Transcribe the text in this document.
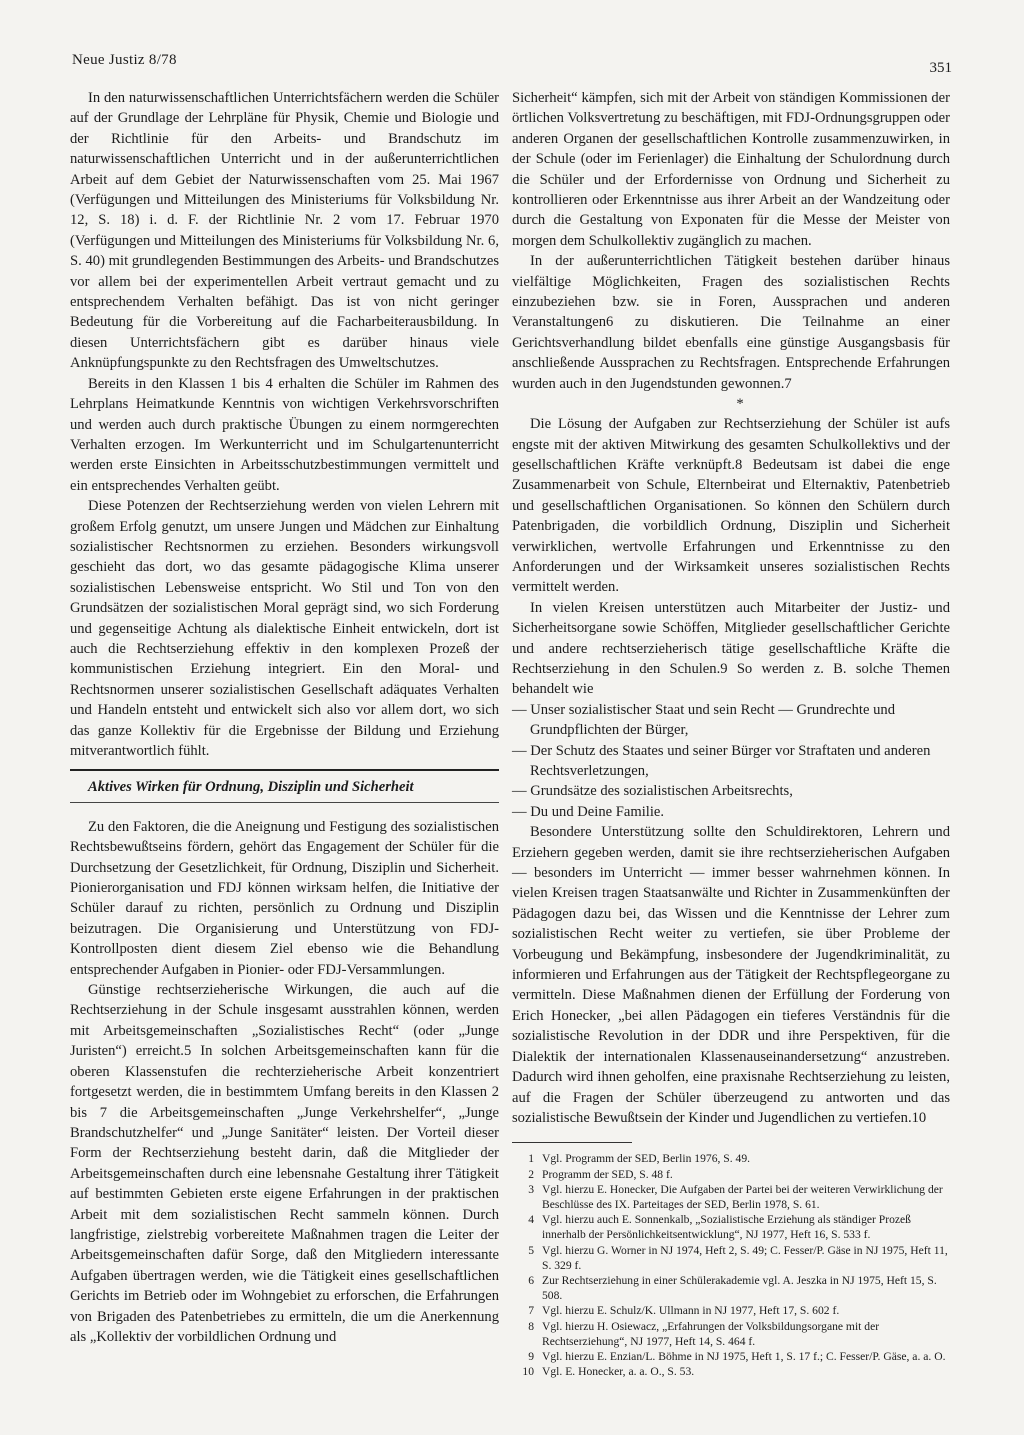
Neue Justiz 8/78	351

In den naturwissenschaftlichen Unterrichtsfächern werden die Schüler auf der Grundlage der Lehrpläne für Physik, Chemie und Biologie und der Richtlinie für den Arbeits- und Brandschutz im naturwissenschaftlichen Unterricht und in der außerunterrichtlichen Arbeit auf dem Gebiet der Naturwissenschaften vom 25. Mai 1967 (Verfügungen und Mitteilungen des Ministeriums für Volksbildung Nr. 12, S. 18) i. d. F. der Richtlinie Nr. 2 vom 17. Februar 1970 (Verfügungen und Mitteilungen des Ministeriums für Volksbildung Nr. 6, S. 40) mit grundlegenden Bestimmungen des Arbeits- und Brandschutzes vor allem bei der experimentellen Arbeit vertraut gemacht und zu entsprechendem Verhalten befähigt. Das ist von nicht geringer Bedeutung für die Vorbereitung auf die Facharbeiterausbildung. In diesen Unterrichtsfächern gibt es darüber hinaus viele Anknüpfungspunkte zu den Rechtsfragen des Umweltschutzes.

Bereits in den Klassen 1 bis 4 erhalten die Schüler im Rahmen des Lehrplans Heimatkunde Kenntnis von wichtigen Verkehrsvorschriften und werden auch durch praktische Übungen zu einem normgerechten Verhalten erzogen. Im Werkunterricht und im Schulgartenunterricht werden erste Einsichten in Arbeitsschutzbestimmungen vermittelt und ein entsprechendes Verhalten geübt.

Diese Potenzen der Rechtserziehung werden von vielen Lehrern mit großem Erfolg genutzt, um unsere Jungen und Mädchen zur Einhaltung sozialistischer Rechtsnormen zu erziehen. Besonders wirkungsvoll geschieht das dort, wo das gesamte pädagogische Klima unserer sozialistischen Lebensweise entspricht. Wo Stil und Ton von den Grundsätzen der sozialistischen Moral geprägt sind, wo sich Forderung und gegenseitige Achtung als dialektische Einheit entwickeln, dort ist auch die Rechtserziehung effektiv in den komplexen Prozeß der kommunistischen Erziehung integriert. Ein den Moral- und Rechtsnormen unserer sozialistischen Gesellschaft adäquates Verhalten und Handeln entsteht und entwickelt sich also vor allem dort, wo sich das ganze Kollektiv für die Ergebnisse der Bildung und Erziehung mitverantwortlich fühlt.

Aktives Wirken für Ordnung, Disziplin und Sicherheit

Zu den Faktoren, die die Aneignung und Festigung des sozialistischen Rechtsbewußtseins fördern, gehört das Engagement der Schüler für die Durchsetzung der Gesetzlichkeit, für Ordnung, Disziplin und Sicherheit. Pionierorganisation und FDJ können wirksam helfen, die Initiative der Schüler darauf zu richten, persönlich zu Ordnung und Disziplin beizutragen. Die Organisierung und Unterstützung von FDJ-Kontrollposten dient diesem Ziel ebenso wie die Behandlung entsprechender Aufgaben in Pionier- oder FDJ-Versammlungen.

Günstige rechtserzieherische Wirkungen, die auch auf die Rechtserziehung in der Schule insgesamt ausstrahlen können, werden mit Arbeitsgemeinschaften „Sozialistisches Recht“ (oder „Junge Juristen“) erreicht.5 In solchen Arbeitsgemeinschaften kann für die oberen Klassenstufen die rechterzieherische Arbeit konzentriert fortgesetzt werden, die in bestimmtem Umfang bereits in den Klassen 2 bis 7 die Arbeitsgemeinschaften „Junge Verkehrshelfer“, „Junge Brandschutzhelfer“ und „Junge Sanitäter“ leisten. Der Vorteil dieser Form der Rechtserziehung besteht darin, daß die Mitglieder der Arbeitsgemeinschaften durch eine lebensnahe Gestaltung ihrer Tätigkeit auf bestimmten Gebieten erste eigene Erfahrungen in der praktischen Arbeit mit dem sozialistischen Recht sammeln können. Durch langfristige, zielstrebig vorbereitete Maßnahmen tragen die Leiter der Arbeitsgemeinschaften dafür Sorge, daß den Mitgliedern interessante Aufgaben übertragen werden, wie die Tätigkeit eines gesellschaftlichen Gerichts im Betrieb oder im Wohngebiet zu erforschen, die Erfahrungen von Brigaden des Patenbetriebes zu ermitteln, die um die Anerkennung als „Kollektiv der vorbildlichen Ordnung und

Sicherheit“ kämpfen, sich mit der Arbeit von ständigen Kommissionen der örtlichen Volksvertretung zu beschäftigen, mit FDJ-Ordnungsgruppen oder anderen Organen der gesellschaftlichen Kontrolle zusammenzuwirken, in der Schule (oder im Ferienlager) die Einhaltung der Schulordnung durch die Schüler und der Erfordernisse von Ordnung und Sicherheit zu kontrollieren oder Erkenntnisse aus ihrer Arbeit an der Wandzeitung oder durch die Gestaltung von Exponaten für die Messe der Meister von morgen dem Schulkollektiv zugänglich zu machen.

In der außerunterrichtlichen Tätigkeit bestehen darüber hinaus vielfältige Möglichkeiten, Fragen des sozialistischen Rechts einzubeziehen bzw. sie in Foren, Aussprachen und anderen Veranstaltungen6 zu diskutieren. Die Teilnahme an einer Gerichtsverhandlung bildet ebenfalls eine günstige Ausgangsbasis für anschließende Aussprachen zu Rechtsfragen. Entsprechende Erfahrungen wurden auch in den Jugendstunden gewonnen.7

*

Die Lösung der Aufgaben zur Rechtserziehung der Schüler ist aufs engste mit der aktiven Mitwirkung des gesamten Schulkollektivs und der gesellschaftlichen Kräfte verknüpft.8 Bedeutsam ist dabei die enge Zusammenarbeit von Schule, Elternbeirat und Elternaktiv, Patenbetrieb und gesellschaftlichen Organisationen. So können den Schülern durch Patenbrigaden, die vorbildlich Ordnung, Disziplin und Sicherheit verwirklichen, wertvolle Erfahrungen und Erkenntnisse zu den Anforderungen und der Wirksamkeit unseres sozialistischen Rechts vermittelt werden.

In vielen Kreisen unterstützen auch Mitarbeiter der Justiz- und Sicherheitsorgane sowie Schöffen, Mitglieder gesellschaftlicher Gerichte und andere rechtserzieherisch tätige gesellschaftliche Kräfte die Rechtserziehung in den Schulen.9 So werden z. B. solche Themen behandelt wie

— Unser sozialistischer Staat und sein Recht — Grundrechte und Grundpflichten der Bürger,
— Der Schutz des Staates und seiner Bürger vor Straftaten und anderen Rechtsverletzungen,
— Grundsätze des sozialistischen Arbeitsrechts,
— Du und Deine Familie.

Besondere Unterstützung sollte den Schuldirektoren, Lehrern und Erziehern gegeben werden, damit sie ihre rechtserzieherischen Aufgaben — besonders im Unterricht — immer besser wahrnehmen können. In vielen Kreisen tragen Staatsanwälte und Richter in Zusammenkünften der Pädagogen dazu bei, das Wissen und die Kenntnisse der Lehrer zum sozialistischen Recht weiter zu vertiefen, sie über Probleme der Vorbeugung und Bekämpfung, insbesondere der Jugendkriminalität, zu informieren und Erfahrungen aus der Tätigkeit der Rechtspflegeorgane zu vermitteln. Diese Maßnahmen dienen der Erfüllung der Forderung von Erich Honecker, „bei allen Pädagogen ein tieferes Verständnis für die sozialistische Revolution in der DDR und ihre Perspektiven, für die Dialektik der internationalen Klassenauseinandersetzung“ anzustreben. Dadurch wird ihnen geholfen, eine praxisnahe Rechtserziehung zu leisten, auf die Fragen der Schüler überzeugend zu antworten und das sozialistische Bewußtsein der Kinder und Jugendlichen zu vertiefen.10

1 Vgl. Programm der SED, Berlin 1976, S. 49.
2 Programm der SED, S. 48 f.
3 Vgl. hierzu E. Honecker, Die Aufgaben der Partei bei der weiteren Verwirklichung der Beschlüsse des IX. Parteitages der SED, Berlin 1978, S. 61.
4 Vgl. hierzu auch E. Sonnenkalb, „Sozialistische Erziehung als ständiger Prozeß innerhalb der Persönlichkeitsentwicklung“, NJ 1977, Heft 16, S. 533 f.
5 Vgl. hierzu G. Worner in NJ 1974, Heft 2, S. 49; C. Fesser/P. Gäse in NJ 1975, Heft 11, S. 329 f.
6 Zur Rechtserziehung in einer Schülerakademie vgl. A. Jeszka in NJ 1975, Heft 15, S. 508.
7 Vgl. hierzu E. Schulz/K. Ullmann in NJ 1977, Heft 17, S. 602 f.
8 Vgl. hierzu H. Osiewacz, „Erfahrungen der Volksbildungsorgane mit der Rechtserziehung“, NJ 1977, Heft 14, S. 464 f.
9 Vgl. hierzu E. Enzian/L. Böhme in NJ 1975, Heft 1, S. 17 f.; C. Fesser/P. Gäse, a. a. O.
10 Vgl. E. Honecker, a. a. O., S. 53.
